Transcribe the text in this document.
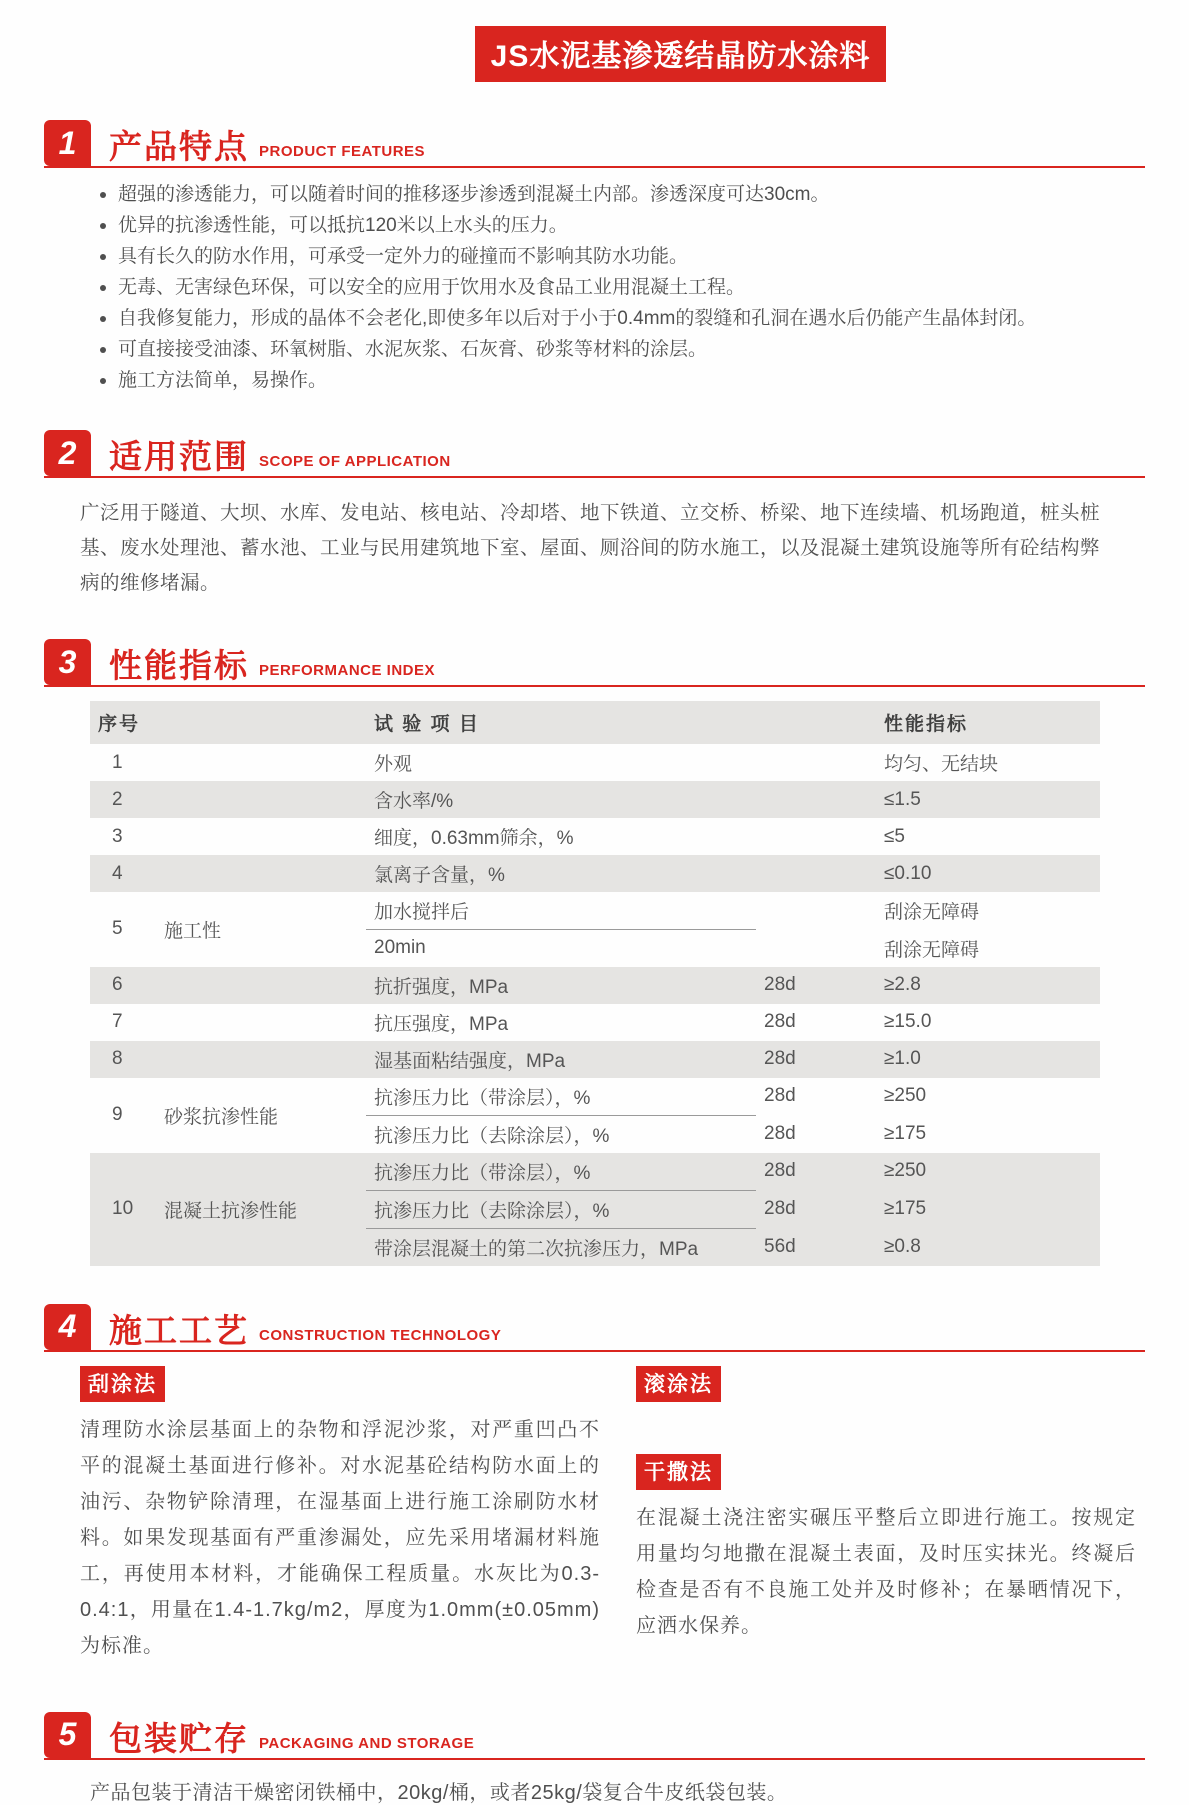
JS水泥基渗透结晶防水涂料
1 产品特点 PRODUCT FEATURES
超强的渗透能力，可以随着时间的推移逐步渗透到混凝土内部。渗透深度可达30cm。
优异的抗渗透性能，可以抵抗120米以上水头的压力。
具有长久的防水作用，可承受一定外力的碰撞而不影响其防水功能。
无毒、无害绿色环保，可以安全的应用于饮用水及食品工业用混凝土工程。
自我修复能力，形成的晶体不会老化,即使多年以后对于小于0.4mm的裂缝和孔洞在遇水后仍能产生晶体封闭。
可直接接受油漆、环氧树脂、水泥灰浆、石灰膏、砂浆等材料的涂层。
施工方法简单，易操作。
2 适用范围 SCOPE OF APPLICATION

广泛用于隧道、大坝、水库、发电站、核电站、冷却塔、地下铁道、立交桥、桥梁、地下连续墙、机场跑道，桩头桩基、废水处理池、蓄水池、工业与民用建筑地下室、屋面、厕浴间的防水施工，以及混凝土建筑设施等所有砼结构弊病的维修堵漏。

3 性能指标 PERFORMANCE INDEX
序号		试 验 项 目		性能指标
1		外观		均匀、无结块
2		含水率/%		≤1.5
3		细度，0.63mm筛余，%		≤5
4		氯离子含量，%		≤0.10
5	施工性	加水搅拌后		刮涂无障碍
		20min		刮涂无障碍
6		抗折强度，MPa	28d	≥2.8
7		抗压强度，MPa	28d	≥15.0
8		湿基面粘结强度，MPa	28d	≥1.0
9	砂浆抗渗性能	抗渗压力比（带涂层），%	28d	≥250
		抗渗压力比（去除涂层），%	28d	≥175
10	混凝土抗渗性能	抗渗压力比（带涂层），%	28d	≥250
		抗渗压力比（去除涂层），%	28d	≥175
		带涂层混凝土的第二次抗渗压力，MPa	56d	≥0.8
4 施工工艺 CONSTRUCTION TECHNOLOGY
刮涂法

清理防水涂层基面上的杂物和浮泥沙浆，对严重凹凸不平的混凝土基面进行修补。对水泥基砼结构防水面上的油污、杂物铲除清理，在湿基面上进行施工涂刷防水材料。如果发现基面有严重渗漏处，应先采用堵漏材料施工，再使用本材料，才能确保工程质量。水灰比为0.3-0.4:1，用量在1.4-1.7kg/m2，厚度为1.0mm(±0.05mm)为标准。

滚涂法
干撒法

在混凝土浇注密实碾压平整后立即进行施工。按规定用量均匀地撒在混凝土表面，及时压实抹光。终凝后检查是否有不良施工处并及时修补；在暴晒情况下，应洒水保养。

5 包装贮存 PACKAGING AND STORAGE

产品包装于清洁干燥密闭铁桶中，20kg/桶，或者25kg/袋复合牛皮纸袋包装。
